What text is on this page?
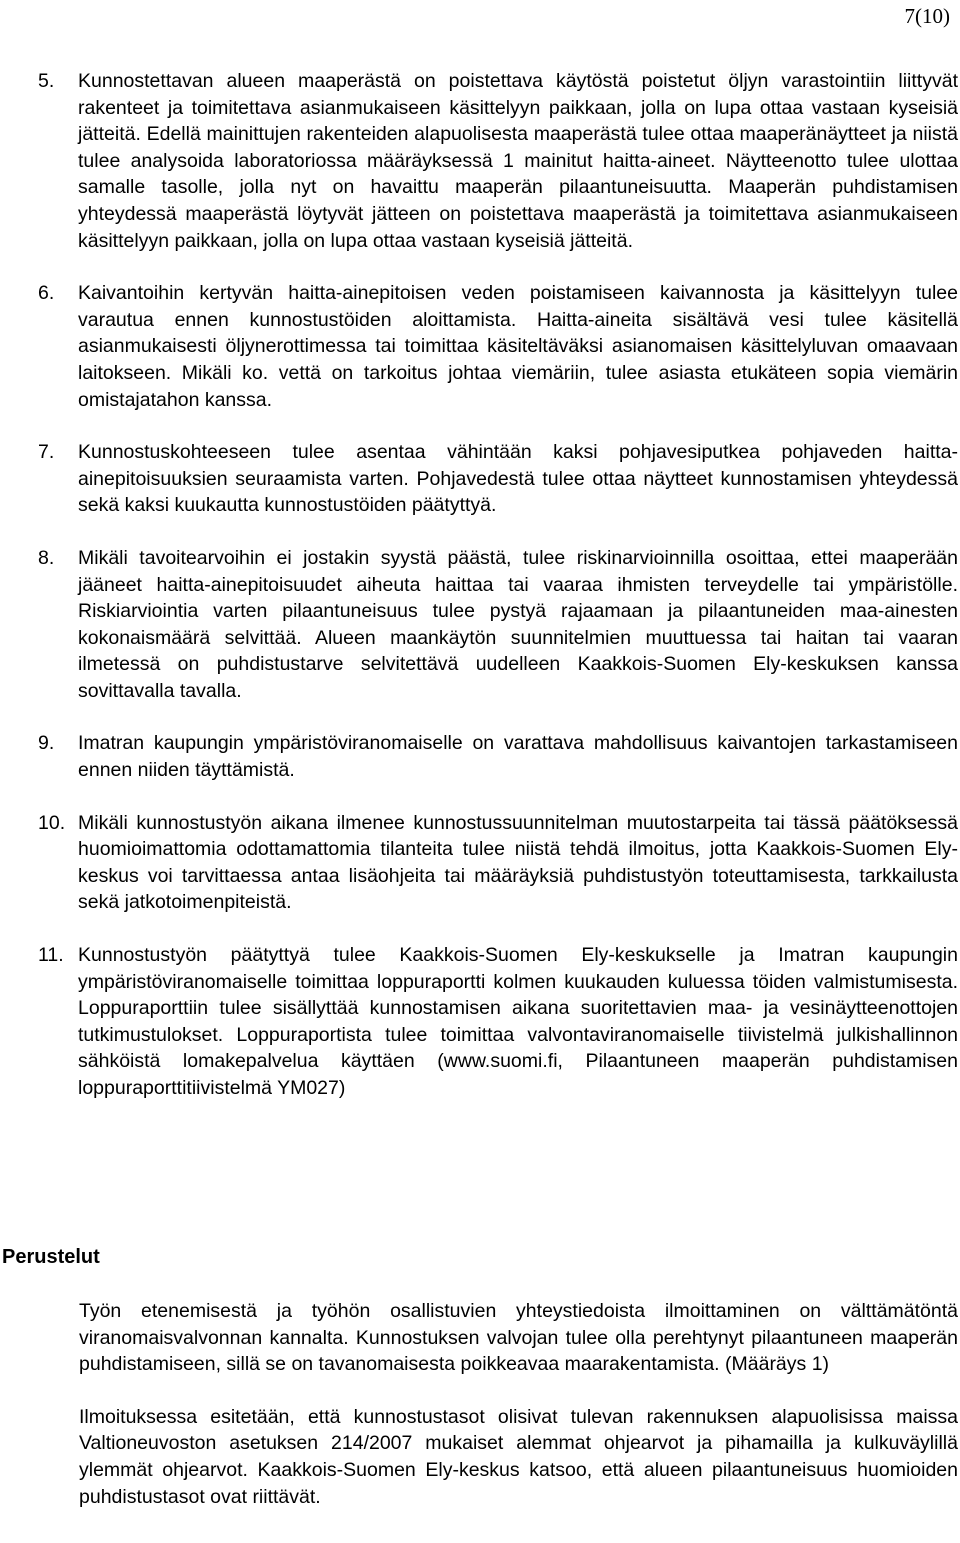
7(10)
5.	Kunnostettavan alueen maaperästä on poistettava käytöstä poistetut öljyn varastointiin liittyvät rakenteet ja toimitettava asianmukaiseen käsittelyyn paikkaan, jolla on lupa ottaa vastaan kyseisiä jätteitä. Edellä mainittujen rakenteiden alapuolisesta maaperästä tulee ottaa maaperänäytteet ja niistä tulee analysoida laboratoriossa määräyksessä 1 mainitut haitta-aineet. Näytteenotto tulee ulottaa samalle tasolle, jolla nyt on havaittu maaperän pilaantuneisuutta. Maaperän puhdistamisen yhteydessä maaperästä löytyvät jätteen on poistettava maaperästä ja toimitettava asianmukaiseen käsittelyyn paikkaan, jolla on lupa ottaa vastaan kyseisiä jätteitä.
6.	Kaivantoihin kertyvän haitta-ainepitoisen veden poistamiseen kaivannosta ja käsittelyyn tulee varautua ennen kunnostustöiden aloittamista. Haitta-aineita sisältävä vesi tulee käsitellä asianmukaisesti öljynerottimessa tai toimittaa käsiteltäväksi asianomaisen käsittelyluvan omaavaan laitokseen. Mikäli ko. vettä on tarkoitus johtaa viemäriin, tulee asiasta etukäteen sopia viemärin omistajatahon kanssa.
7.	Kunnostuskohteeseen tulee asentaa vähintään kaksi pohjavesiputkea pohjaveden haitta-ainepitoisuuksien seuraamista varten. Pohjavedestä tulee ottaa näytteet kunnostamisen yhteydessä sekä kaksi kuukautta kunnostustöiden päätyttyä.
8.	Mikäli tavoitearvoihin ei jostakin syystä päästä, tulee riskinarvioinnilla osoittaa, ettei maaperään jääneet haitta-ainepitoisuudet aiheuta haittaa tai vaaraa ihmisten terveydelle tai ympäristölle. Riskiarviointia varten pilaantuneisuus tulee pystyä rajaamaan ja pilaantuneiden maa-ainesten kokonaismäärä selvittää. Alueen maankäytön suunnitelmien muuttuessa tai haitan tai vaaran ilmetessä on puhdistustarve selvitettävä uudelleen Kaakkois-Suomen Ely-keskuksen kanssa sovittavalla tavalla.
9.	Imatran kaupungin ympäristöviranomaiselle on varattava mahdollisuus kaivantojen tarkastamiseen ennen niiden täyttämistä.
10. Mikäli kunnostustyön aikana ilmenee kunnostussuunnitelman muutostarpeita tai tässä päätöksessä huomioimattomia odottamattomia tilanteita tulee niistä tehdä ilmoitus, jotta Kaakkois-Suomen Ely-keskus voi tarvittaessa antaa lisäohjeita tai määräyksiä puhdistustyön toteuttamisesta, tarkkailusta sekä jatkotoimenpiteistä.
11. Kunnostustyön päätyttyä tulee Kaakkois-Suomen Ely-keskukselle ja Imatran kaupungin ympäristöviranomaiselle toimittaa loppuraportti kolmen kuukauden kuluessa töiden valmistumisesta. Loppuraporttiin tulee sisällyttää kunnostamisen aikana suoritettavien maa- ja vesinäytteenottojen tutkimustulokset. Loppuraportista tulee toimittaa valvontaviranomaiselle tiivistelmä julkishallinnon sähköistä lomakepalvelua käyttäen (www.suomi.fi, Pilaantuneen maaperän puhdistamisen loppuraporttitiivistelmä YM027)
Perustelut

Työn etenemisestä ja työhön osallistuvien yhteystiedoista ilmoittaminen on välttämätöntä viranomaisvalvonnan kannalta. Kunnostuksen valvojan tulee olla perehtynyt pilaantuneen maaperän puhdistamiseen, sillä se on tavanomaisesta poikkeavaa maarakentamista. (Määräys 1)

Ilmoituksessa esitetään, että kunnostustasot olisivat tulevan rakennuksen alapuolisissa maissa Valtioneuvoston asetuksen 214/2007 mukaiset alemmat ohjearvot ja pihamailla ja kulkuväylillä ylemmät ohjearvot. Kaakkois-Suomen Ely-keskus katsoo, että alueen pilaantuneisuus huomioiden puhdistustasot ovat riittävät.
